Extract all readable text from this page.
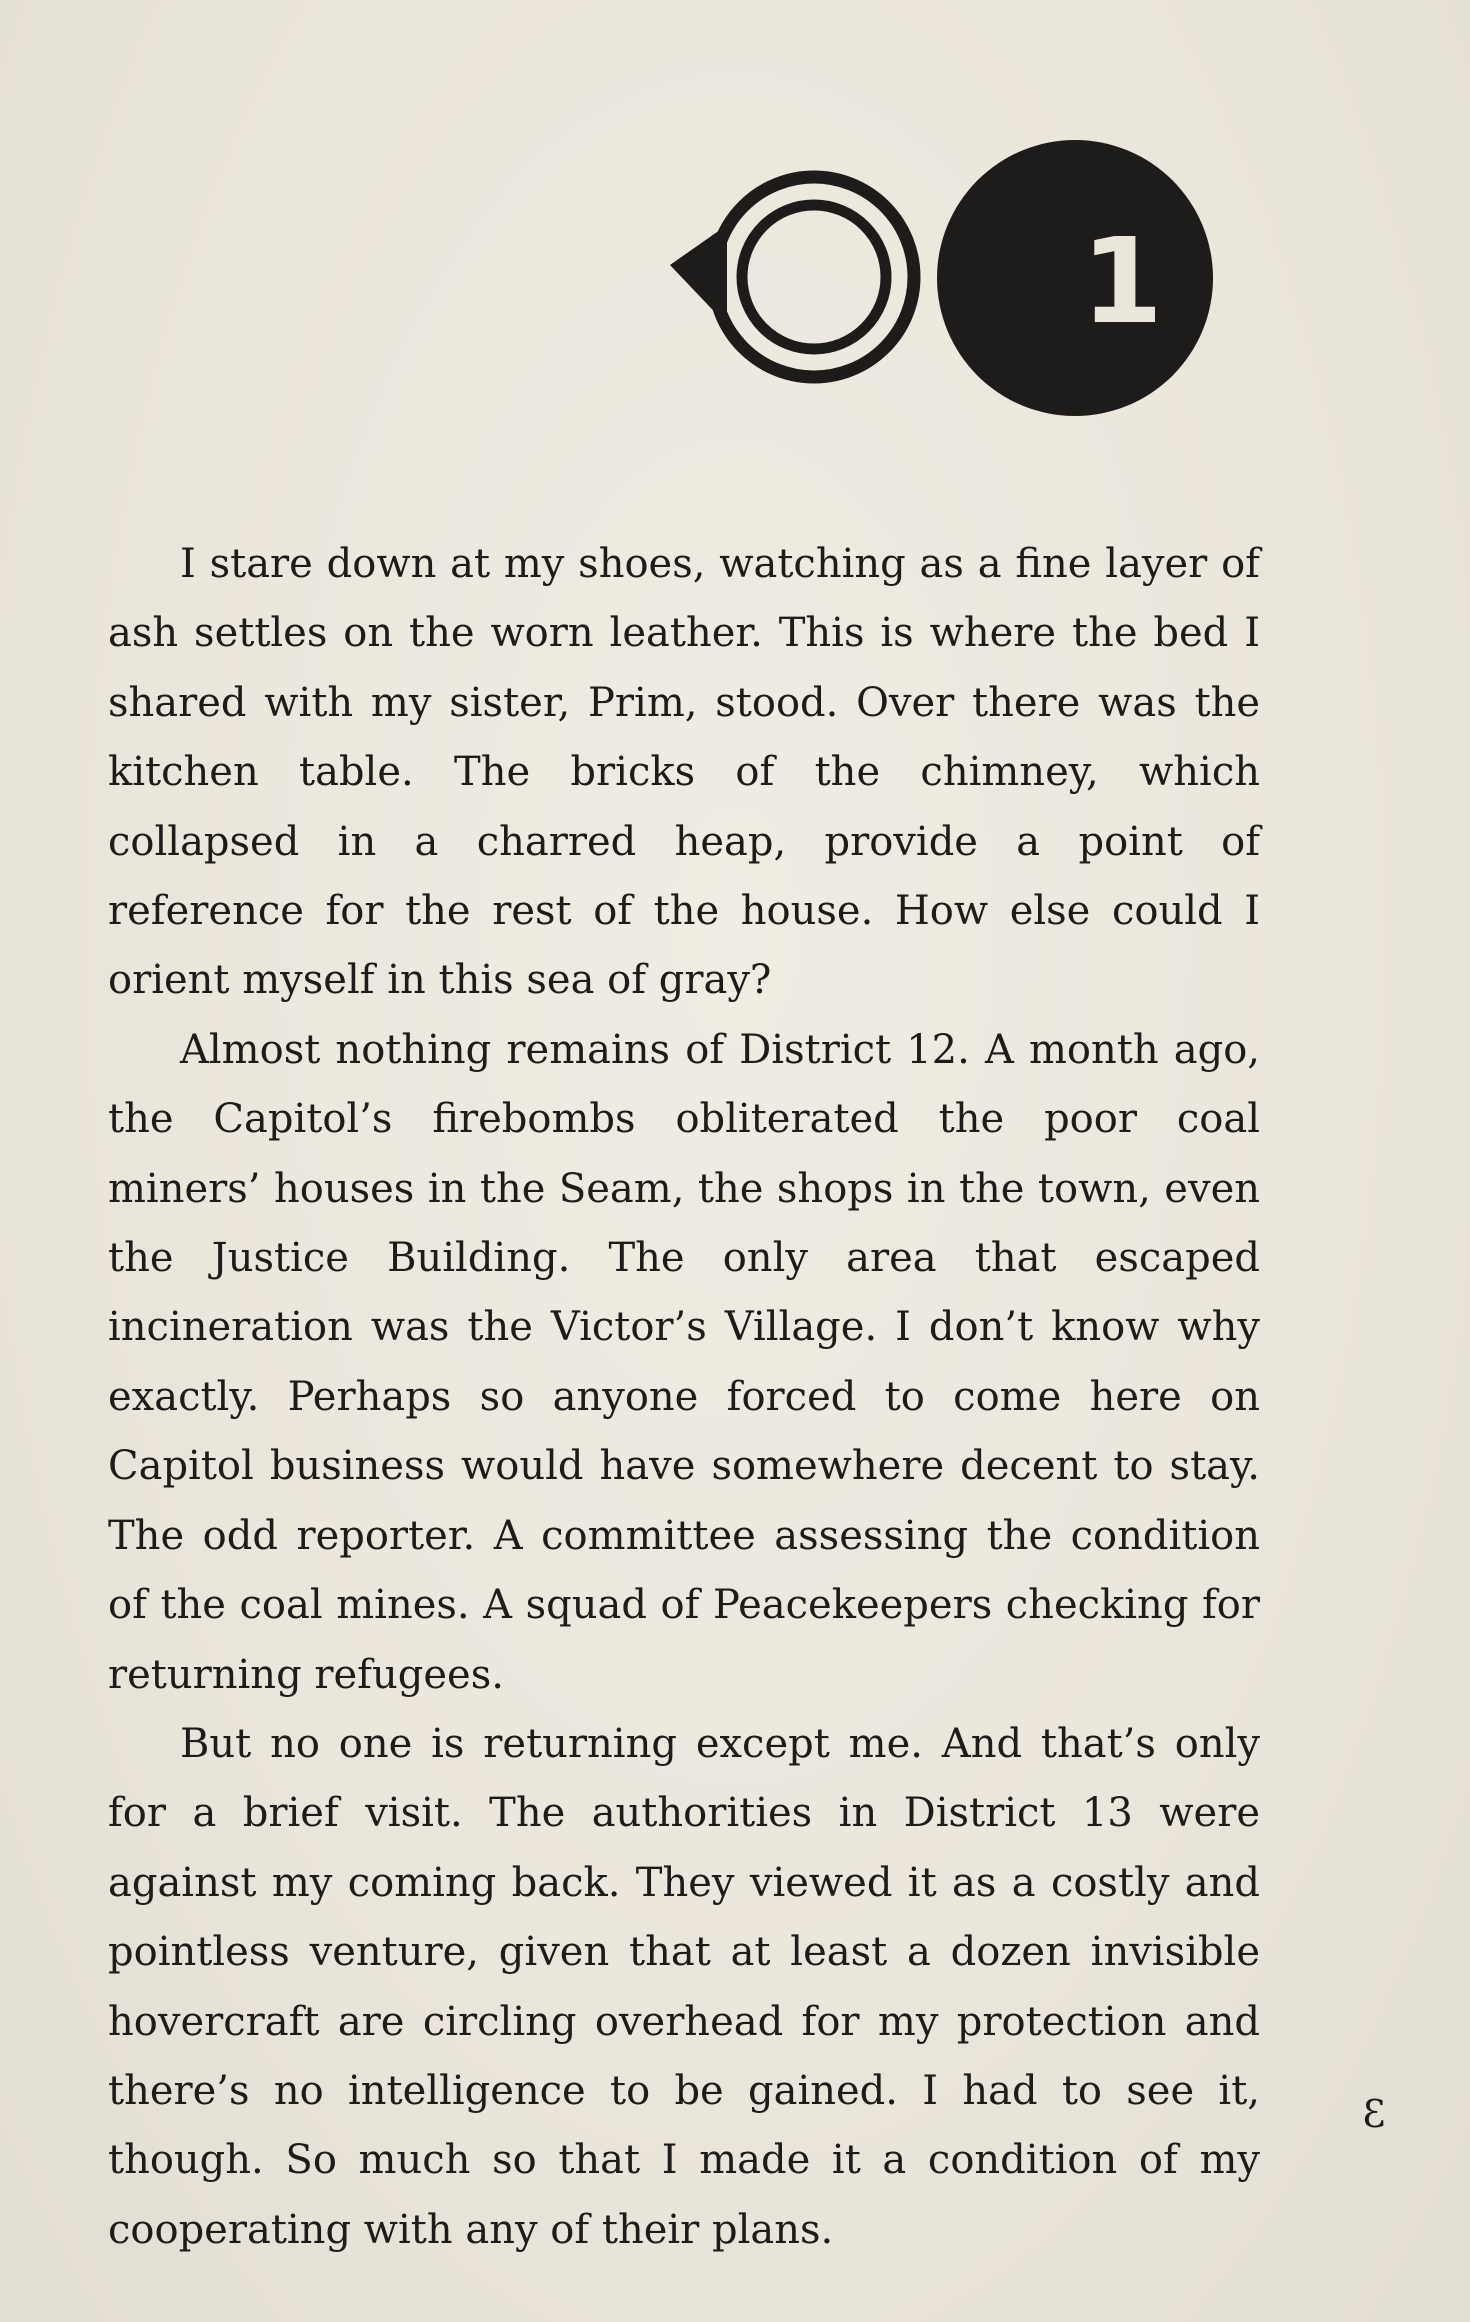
1

I stare down at my shoes, watching as a fine layer of ash settles on the worn leather. This is where the bed I shared with my sister, Prim, stood. Over there was the kitchen table. The bricks of the chimney, which collapsed in a charred heap, provide a point of reference for the rest of the house. How else could I orient myself in this sea of gray?

Almost nothing remains of District 12. A month ago, the Capitol’s firebombs obliterated the poor coal miners’ houses in the Seam, the shops in the town, even the Justice Building. The only area that escaped incineration was the Victor’s Village. I don’t know why exactly. Perhaps so anyone forced to come here on Capitol business would have somewhere decent to stay. The odd reporter. A committee assessing the condition of the coal mines. A squad of Peacekeepers checking for returning refugees.

But no one is returning except me. And that’s only for a brief visit. The authorities in District 13 were against my coming back. They viewed it as a costly and pointless venture, given that at least a dozen invisible hovercraft are circling overhead for my protection and there’s no intelligence to be gained. I had to see it, though. So much so that I made it a condition of my cooperating with any of their plans.

3
